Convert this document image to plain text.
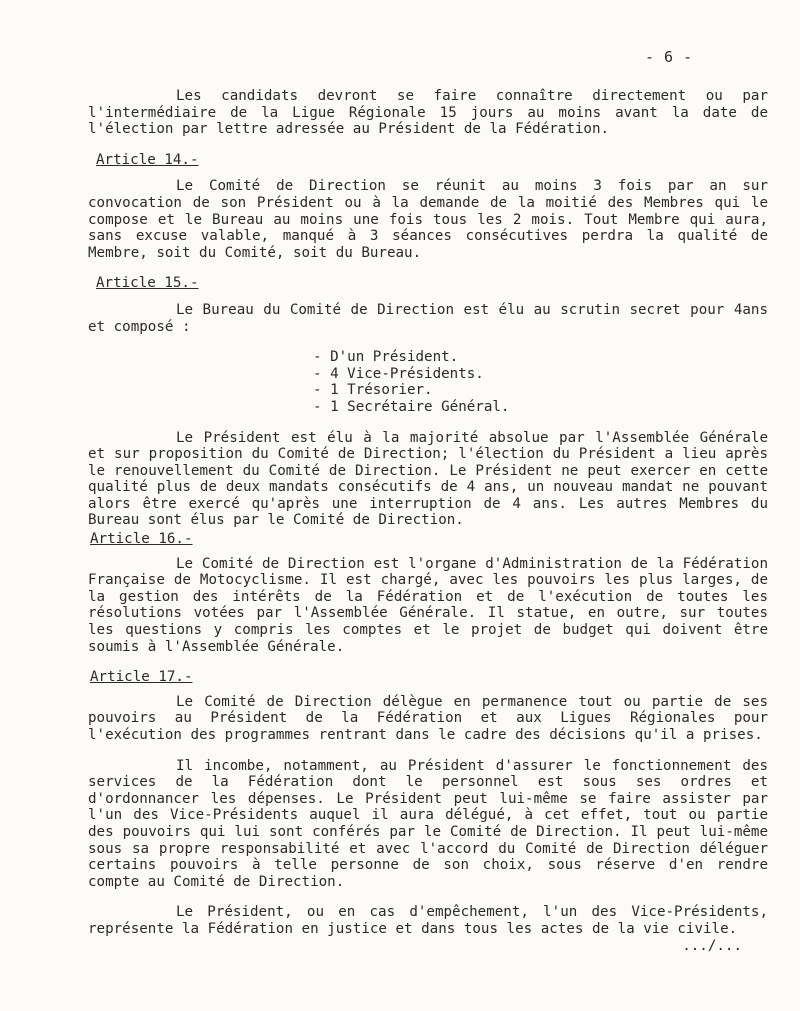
- 6 -

Les candidats devront se faire connaître directement ou par l'intermédiaire de la Ligue Régionale 15 jours au moins avant la date de l'élection par lettre adressée au Président de la Fédération.

Article 14.-

Le Comité de Direction se réunit au moins 3 fois par an sur convocation de son Président ou à la demande de la moitié des Membres qui le compose et le Bureau au moins une fois tous les 2 mois. Tout Membre qui aura, sans excuse valable, manqué à 3 séances consécutives perdra la qualité de Membre, soit du Comité, soit du Bureau.

Article 15.-

Le Bureau du Comité de Direction est élu au scrutin secret pour 4ans et composé :

- D'un Président.
- 4 Vice-Présidents.
- 1 Trésorier.
- 1 Secrétaire Général.

Le Président est élu à la majorité absolue par l'Assemblée Générale et sur proposition du Comité de Direction; l'élection du Président a lieu après le renouvellement du Comité de Direction. Le Président ne peut exercer en cette qualité plus de deux mandats consécutifs de 4 ans, un nouveau mandat ne pouvant alors être exercé qu'après une interruption de 4 ans. Les autres Membres du Bureau sont élus par le Comité de Direction.

Article 16.-

Le Comité de Direction est l'organe d'Administration de la Fédération Française de Motocyclisme. Il est chargé, avec les pouvoirs les plus larges, de la gestion des intérêts de la Fédération et de l'exécution de toutes les résolutions votées par l'Assemblée Générale. Il statue, en outre, sur toutes les questions y compris les comptes et le projet de budget qui doivent être soumis à l'Assemblée Générale.

Article 17.-

Le Comité de Direction délègue en permanence tout ou partie de ses pouvoirs au Président de la Fédération et aux Ligues Régionales pour l'exécution des programmes rentrant dans le cadre des décisions qu'il a prises.

Il incombe, notamment, au Président d'assurer le fonctionnement des services de la Fédération dont le personnel est sous ses ordres et d'ordonnancer les dépenses. Le Président peut lui-même se faire assister par l'un des Vice-Présidents auquel il aura délégué, à cet effet, tout ou partie des pouvoirs qui lui sont conférés par le Comité de Direction. Il peut lui-même sous sa propre responsabilité et avec l'accord du Comité de Direction déléguer certains pouvoirs à telle personne de son choix, sous réserve d'en rendre compte au Comité de Direction.

Le Président, ou en cas d'empêchement, l'un des Vice-Présidents, représente la Fédération en justice et dans tous les actes de la vie civile.

.../...
